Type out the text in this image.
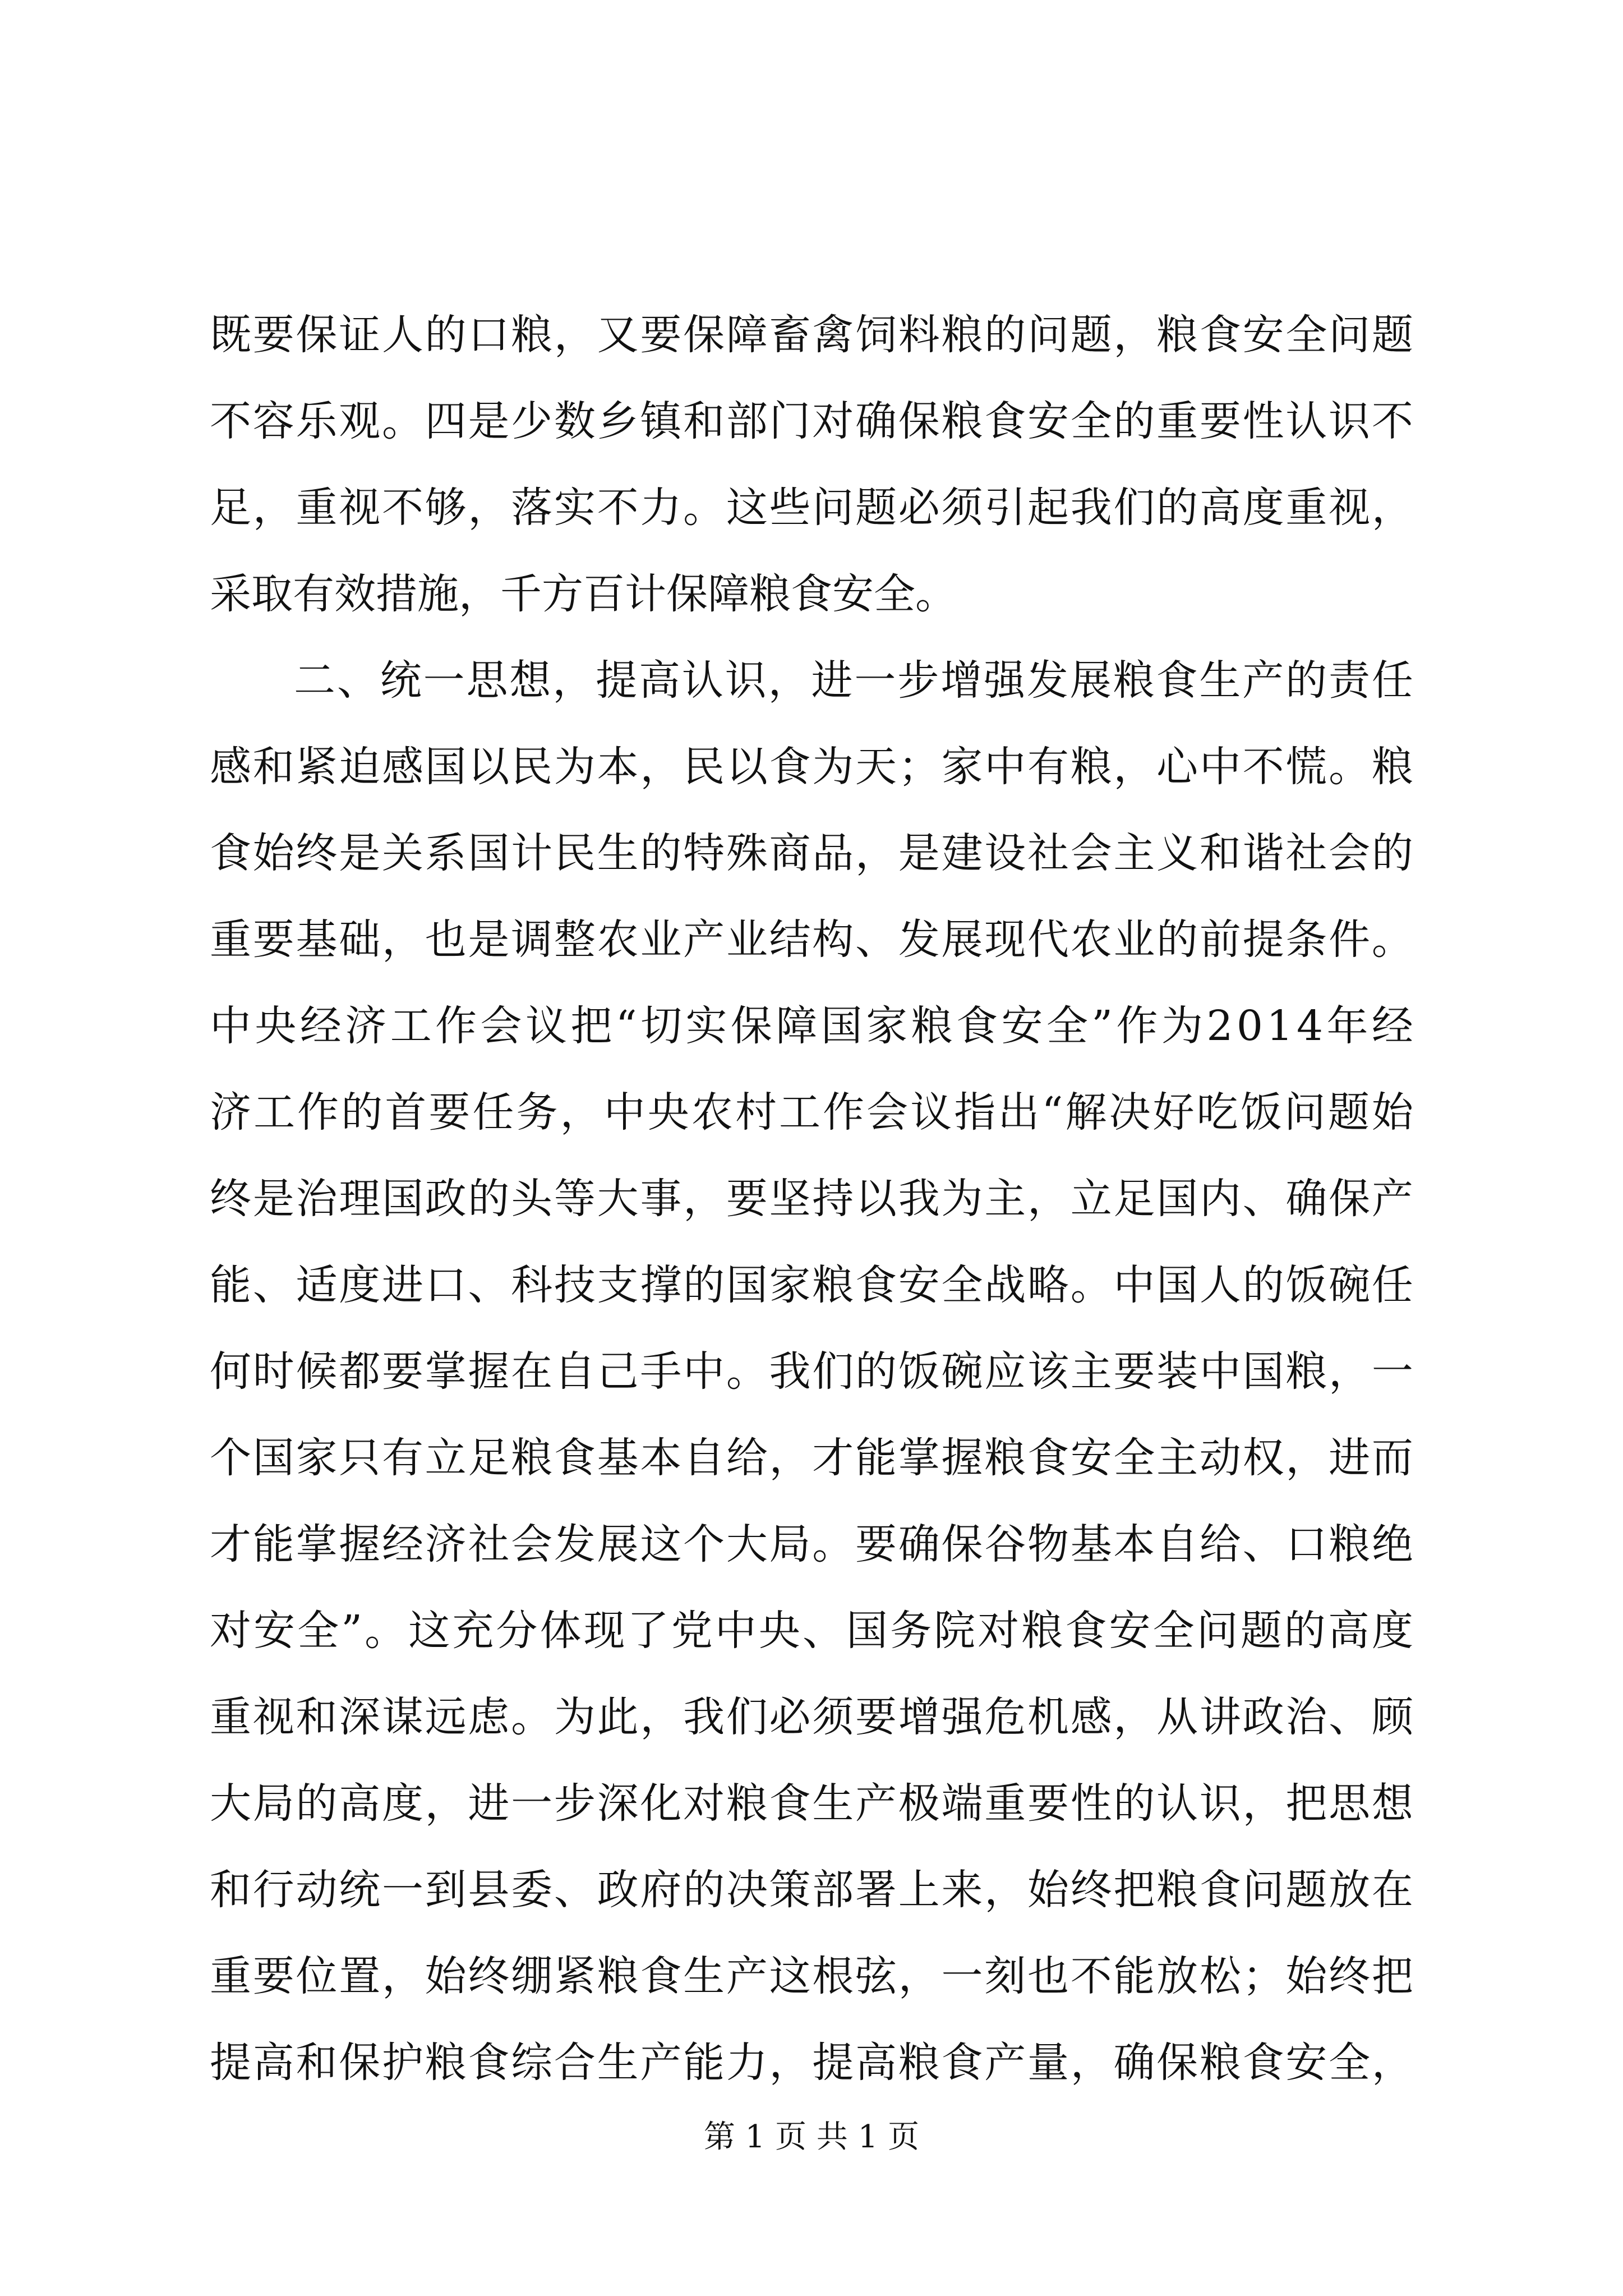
既 要 保 证 人 的 口 粮 ， 又 要 保 障 畜 禽 饲 料 粮 的 问 题 ， 粮 食 安 全 问 题
不 容 乐 观 。 四 是 少 数 乡 镇 和 部 门 对 确 保 粮 食 安 全 的 重 要 性 认 识 不
足 ， 重 视 不 够 ， 落 实 不 力 。 这 些 问 题 必 须 引 起 我 们 的 高 度 重 视 ，
采取有效措施，千方百计保障粮食安全。
二 、 统 一 思 想 ， 提 高 认 识 ， 进 一 步 增 强 发 展 粮 食 生 产 的 责 任
感 和 紧 迫 感 国 以 民 为 本 ， 民 以 食 为 天 ； 家 中 有 粮 ， 心 中 不 慌 。 粮
食 始 终 是 关 系 国 计 民 生 的 特 殊 商 品 ， 是 建 设 社 会 主 义 和 谐 社 会 的
重 要 基 础 ， 也 是 调 整 农 业 产 业 结 构 、 发 展 现 代 农 业 的 前 提 条 件 。
中 央 经 济 工 作 会 议 把 “ 切 实 保 障 国 家 粮 食 安 全 ” 作 为 2 0 1 4 年 经
济 工 作 的 首 要 任 务 ， 中 央 农 村 工 作 会 议 指 出 “ 解 决 好 吃 饭 问 题 始
终 是 治 理 国 政 的 头 等 大 事 ， 要 坚 持 以 我 为 主 ， 立 足 国 内 、 确 保 产
能 、 适 度 进 口 、 科 技 支 撑 的 国 家 粮 食 安 全 战 略 。 中 国 人 的 饭 碗 任
何 时 候 都 要 掌 握 在 自 己 手 中 。 我 们 的 饭 碗 应 该 主 要 装 中 国 粮 ， 一
个 国 家 只 有 立 足 粮 食 基 本 自 给 ， 才 能 掌 握 粮 食 安 全 主 动 权 ， 进 而
才 能 掌 握 经 济 社 会 发 展 这 个 大 局 。 要 确 保 谷 物 基 本 自 给 、 口 粮 绝
对 安 全 ” 。 这 充 分 体 现 了 党 中 央 、 国 务 院 对 粮 食 安 全 问 题 的 高 度
重 视 和 深 谋 远 虑 。 为 此 ， 我 们 必 须 要 增 强 危 机 感 ， 从 讲 政 治 、 顾
大 局 的 高 度 ， 进 一 步 深 化 对 粮 食 生 产 极 端 重 要 性 的 认 识 ， 把 思 想
和 行 动 统 一 到 县 委 、 政 府 的 决 策 部 署 上 来 ， 始 终 把 粮 食 问 题 放 在
重 要 位 置 ， 始 终 绷 紧 粮 食 生 产 这 根 弦 ， 一 刻 也 不 能 放 松 ； 始 终 把
提 高 和 保 护 粮 食 综 合 生 产 能 力 ， 提 高 粮 食 产 量 ， 确 保 粮 食 安 全 ，
第 1 页 共 1 页
